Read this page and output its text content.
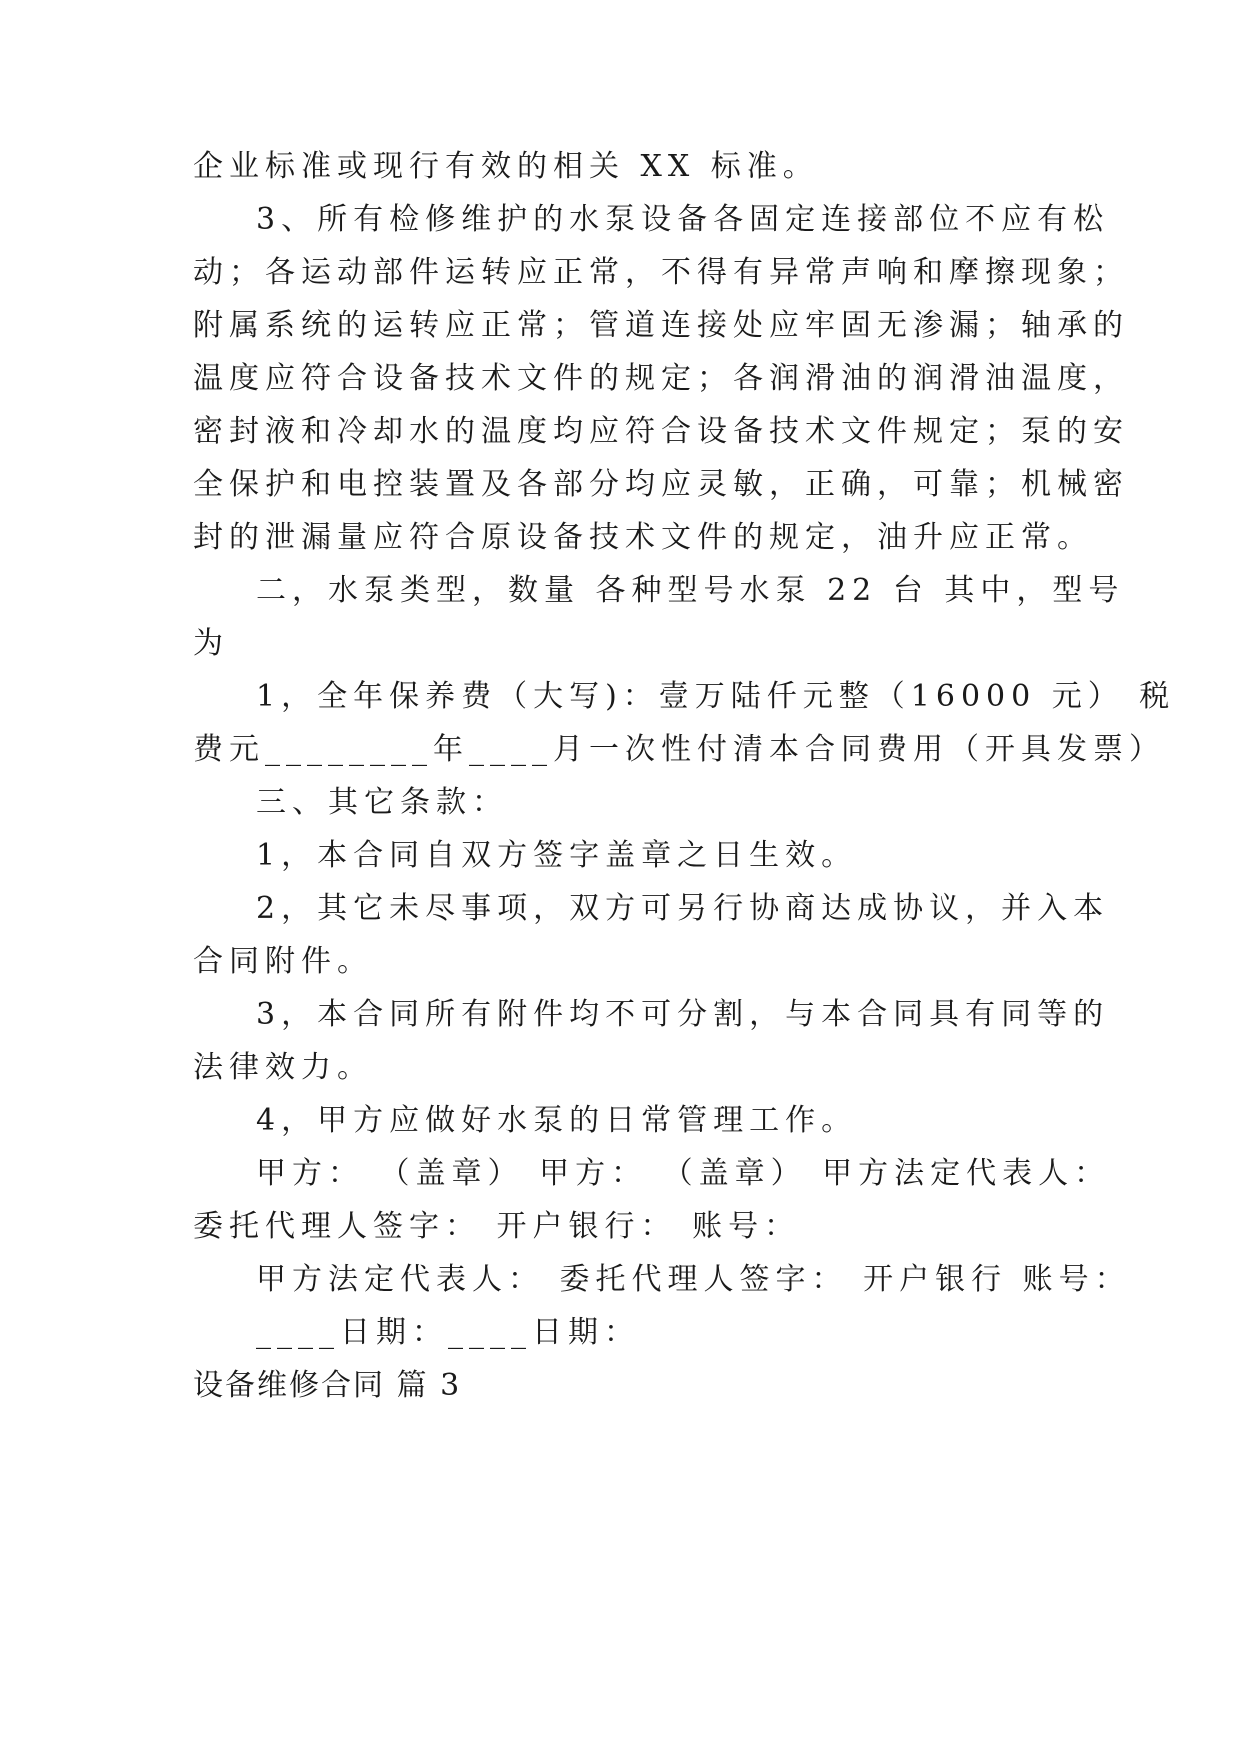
企业标准或现行有效的相关 XX 标准。
3、所有检修维护的水泵设备各固定连接部位不应有松
动；各运动部件运转应正常，不得有异常声响和摩擦现象；
附属系统的运转应正常；管道连接处应牢固无渗漏；轴承的
温度应符合设备技术文件的规定；各润滑油的润滑油温度，
密封液和冷却水的温度均应符合设备技术文件规定；泵的安
全保护和电控装置及各部分均应灵敏，正确，可靠；机械密
封的泄漏量应符合原设备技术文件的规定，油升应正常。
二，水泵类型，数量 各种型号水泵 22 台 其中，型号
为
1，全年保养费（大写)：壹万陆仟元整（16000 元） 税
费元________年____月一次性付清本合同费用（开具发票）
三、其它条款：
1，本合同自双方签字盖章之日生效。
2，其它未尽事项，双方可另行协商达成协议，并入本
合同附件。
3，本合同所有附件均不可分割，与本合同具有同等的
法律效力。
4，甲方应做好水泵的日常管理工作。
甲方： （盖章） 甲方： （盖章） 甲方法定代表人：
委托代理人签字： 开户银行： 账号：
甲方法定代表人： 委托代理人签字： 开户银行 账号：
____日期：____日期：
设备维修合同 篇 3
